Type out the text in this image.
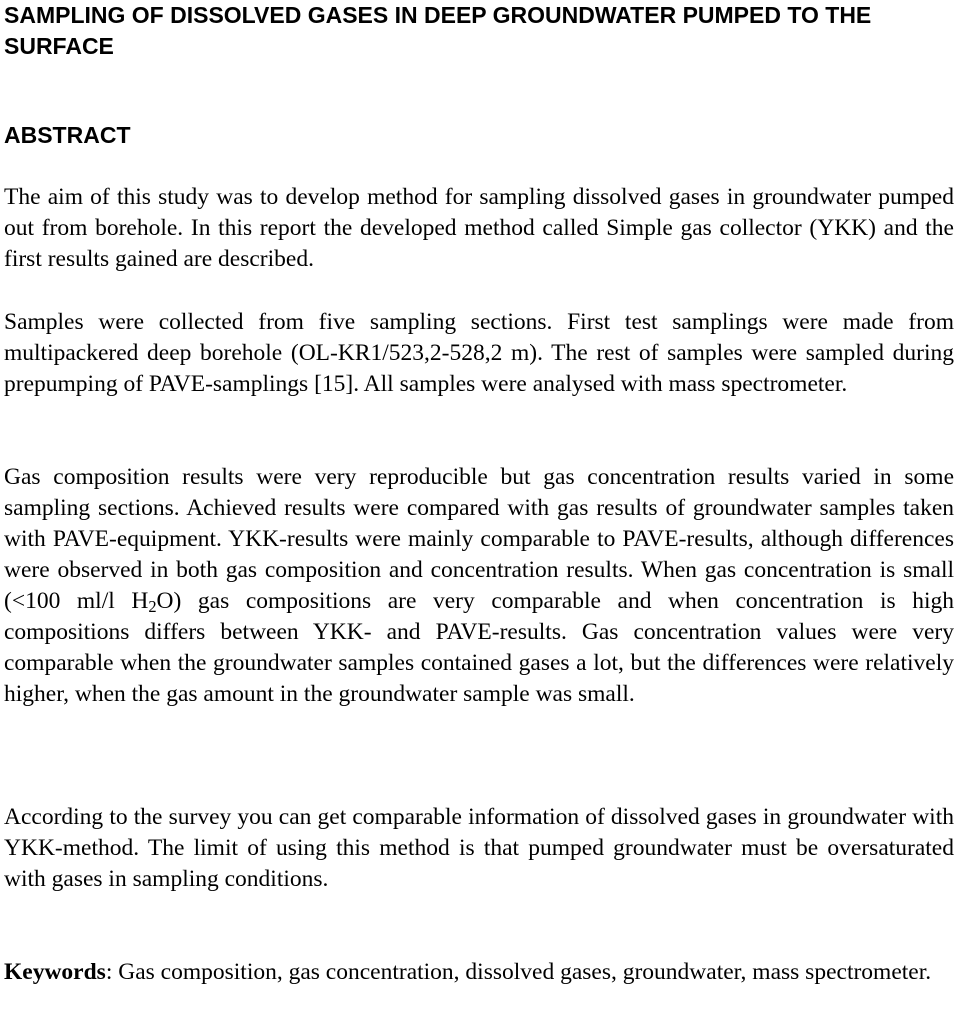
SAMPLING OF DISSOLVED GASES IN DEEP GROUNDWATER PUMPED TO THE SURFACE
ABSTRACT

The aim of this study was to develop method for sampling dissolved gases in groundwater pumped out from borehole. In this report the developed method called Simple gas collector (YKK) and the first results gained are described.

Samples were collected from five sampling sections. First test samplings were made from multipackered deep borehole (OL-KR1/523,2-528,2 m). The rest of samples were sampled during prepumping of PAVE-samplings [15]. All samples were analysed with mass spectrometer.

Gas composition results were very reproducible but gas concentration results varied in some sampling sections. Achieved results were compared with gas results of groundwater samples taken with PAVE-equipment. YKK-results were mainly comparable to PAVE-results, although differences were observed in both gas composition and concentration results. When gas concentration is small (<100 ml/l $H_2O$) gas compositions are very comparable and when concentration is high compositions differs between YKK- and PAVE-results. Gas concentration values were very comparable when the groundwater samples contained gases a lot, but the differences were relatively higher, when the gas amount in the groundwater sample was small.

According to the survey you can get comparable information of dissolved gases in groundwater with YKK-method. The limit of using this method is that pumped groundwater must be oversaturated with gases in sampling conditions.

Keywords: Gas composition, gas concentration, dissolved gases, groundwater, mass spectrometer.
